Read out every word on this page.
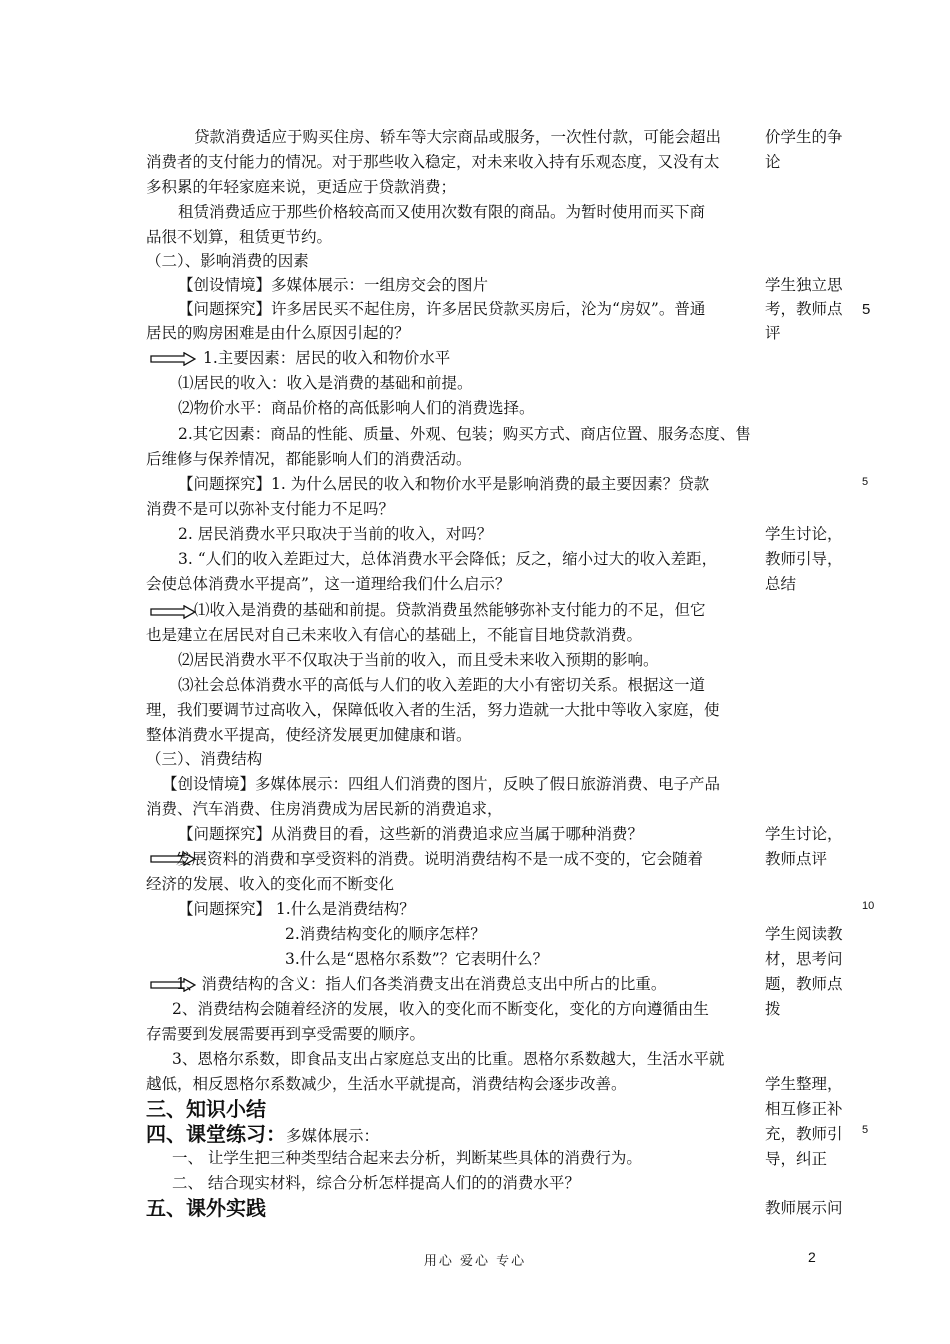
贷款消费适应于购买住房、轿车等大宗商品或服务，一次性付款，可能会超出
消费者的支付能力的情况。对于那些收入稳定，对未来收入持有乐观态度，又没有太
多积累的年轻家庭来说，更适应于贷款消费；
租赁消费适应于那些价格较高而又使用次数有限的商品。为暂时使用而买下商
品很不划算，租赁更节约。
（二）、影响消费的因素
【创设情境】多媒体展示：一组房交会的图片
【问题探究】许多居民买不起住房，许多居民贷款买房后，沦为“房奴”。普通
居民的购房困难是由什么原因引起的？
1.主要因素：居民的收入和物价水平
⑴居民的收入：收入是消费的基础和前提。
⑵物价水平：商品价格的高低影响人们的消费选择。
2.其它因素：商品的性能、质量、外观、包装；购买方式、商店位置、服务态度、售
后维修与保养情况，都能影响人们的消费活动。
【问题探究】1. 为什么居民的收入和物价水平是影响消费的最主要因素？贷款
消费不是可以弥补支付能力不足吗？
2. 居民消费水平只取决于当前的收入，对吗？
3. “人们的收入差距过大，总体消费水平会降低；反之，缩小过大的收入差距，
会使总体消费水平提高”，这一道理给我们什么启示？
⑴收入是消费的基础和前提。贷款消费虽然能够弥补支付能力的不足，但它
也是建立在居民对自己未来收入有信心的基础上，不能盲目地贷款消费。
⑵居民消费水平不仅取决于当前的收入，而且受未来收入预期的影响。
⑶社会总体消费水平的高低与人们的收入差距的大小有密切关系。根据这一道
理，我们要调节过高收入，保障低收入者的生活，努力造就一大批中等收入家庭，使
整体消费水平提高，使经济发展更加健康和谐。
（三）、消费结构
【创设情境】多媒体展示：四组人们消费的图片，反映了假日旅游消费、电子产品
消费、汽车消费、住房消费成为居民新的消费追求，
【问题探究】从消费目的看，这些新的消费追求应当属于哪种消费？
发展资料的消费和享受资料的消费。说明消费结构不是一成不变的，它会随着
经济的发展、收入的变化而不断变化
【问题探究】 1.什么是消费结构？
2.消费结构变化的顺序怎样？
3.什么是“恩格尔系数”？它表明什么？
1、消费结构的含义：指人们各类消费支出在消费总支出中所占的比重。
2、消费结构会随着经济的发展，收入的变化而不断变化，变化的方向遵循由生
存需要到发展需要再到享受需要的顺序。
3、恩格尔系数，即食品支出占家庭总支出的比重。恩格尔系数越大，生活水平就
越低，相反恩格尔系数减少，生活水平就提高，消费结构会逐步改善。
三、知识小结
四、课堂练习：多媒体展示：
一、 让学生把三种类型结合起来去分析，判断某些具体的消费行为。
二、 结合现实材料，综合分析怎样提高人们的的消费水平？
五、课外实践
价学生的争
论
学生独立思
考，教师点
评
学生讨论，
教师引导，
总结
学生讨论，
教师点评
学生阅读教
材，思考问
题，教师点
拨
学生整理，
相互修正补
充，教师引
导，纠正
教师展示问
5
5
10
5
用心 爱心 专心	2
